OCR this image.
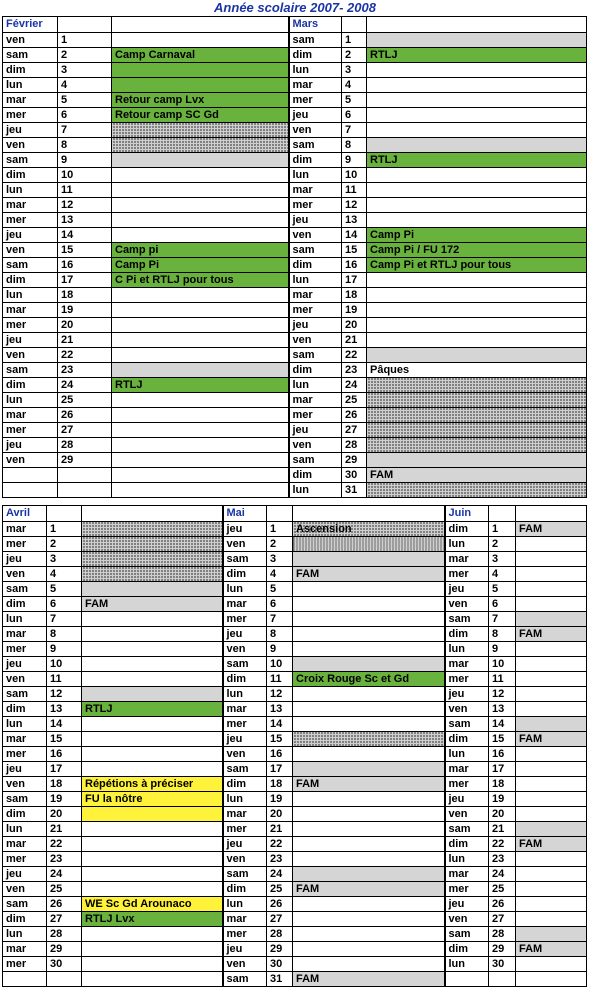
Année scolaire 2007- 2008
Février			Mars		
ven	1		sam	1	
sam	2	Camp Carnaval	dim	2	RTLJ
dim	3		lun	3	
lun	4		mar	4	
mar	5	Retour camp Lvx	mer	5	
mer	6	Retour camp SC Gd	jeu	6	
jeu	7		ven	7	
ven	8		sam	8	
sam	9		dim	9	RTLJ
dim	10		lun	10	
lun	11		mar	11	
mar	12		mer	12	
mer	13		jeu	13	
jeu	14		ven	14	Camp Pi
ven	15	Camp pi	sam	15	Camp Pi / FU 172
sam	16	Camp Pi	dim	16	Camp Pi et RTLJ pour tous
dim	17	C Pi et RTLJ pour tous	lun	17	
lun	18		mar	18	
mar	19		mer	19	
mer	20		jeu	20	
jeu	21		ven	21	
ven	22		sam	22	
sam	23		dim	23	Pâques
dim	24	RTLJ	lun	24	
lun	25		mar	25	
mar	26		mer	26	
mer	27		jeu	27	
jeu	28		ven	28	
ven	29		sam	29	
			dim	30	FAM
			lun	31	
Avril			Mai			Juin		
mar	1		jeu	1	Ascension	dim	1	FAM
mer	2		ven	2		lun	2	
jeu	3		sam	3		mar	3	
ven	4		dim	4	FAM	mer	4	
sam	5		lun	5		jeu	5	
dim	6	FAM	mar	6		ven	6	
lun	7		mer	7		sam	7	
mar	8		jeu	8		dim	8	FAM
mer	9		ven	9		lun	9	
jeu	10		sam	10		mar	10	
ven	11		dim	11	Croix Rouge Sc et Gd	mer	11	
sam	12		lun	12		jeu	12	
dim	13	RTLJ	mar	13		ven	13	
lun	14		mer	14		sam	14	
mar	15		jeu	15		dim	15	FAM
mer	16		ven	16		lun	16	
jeu	17		sam	17		mar	17	
ven	18	Répétions à préciser	dim	18	FAM	mer	18	
sam	19	FU la nôtre	lun	19		jeu	19	
dim	20		mar	20		ven	20	
lun	21		mer	21		sam	21	
mar	22		jeu	22		dim	22	FAM
mer	23		ven	23		lun	23	
jeu	24		sam	24		mar	24	
ven	25		dim	25	FAM	mer	25	
sam	26	WE Sc Gd Arounaco	lun	26		jeu	26	
dim	27	RTLJ Lvx	mar	27		ven	27	
lun	28		mer	28		sam	28	
mar	29		jeu	29		dim	29	FAM
mer	30		ven	30		lun	30	
			sam	31	FAM			
